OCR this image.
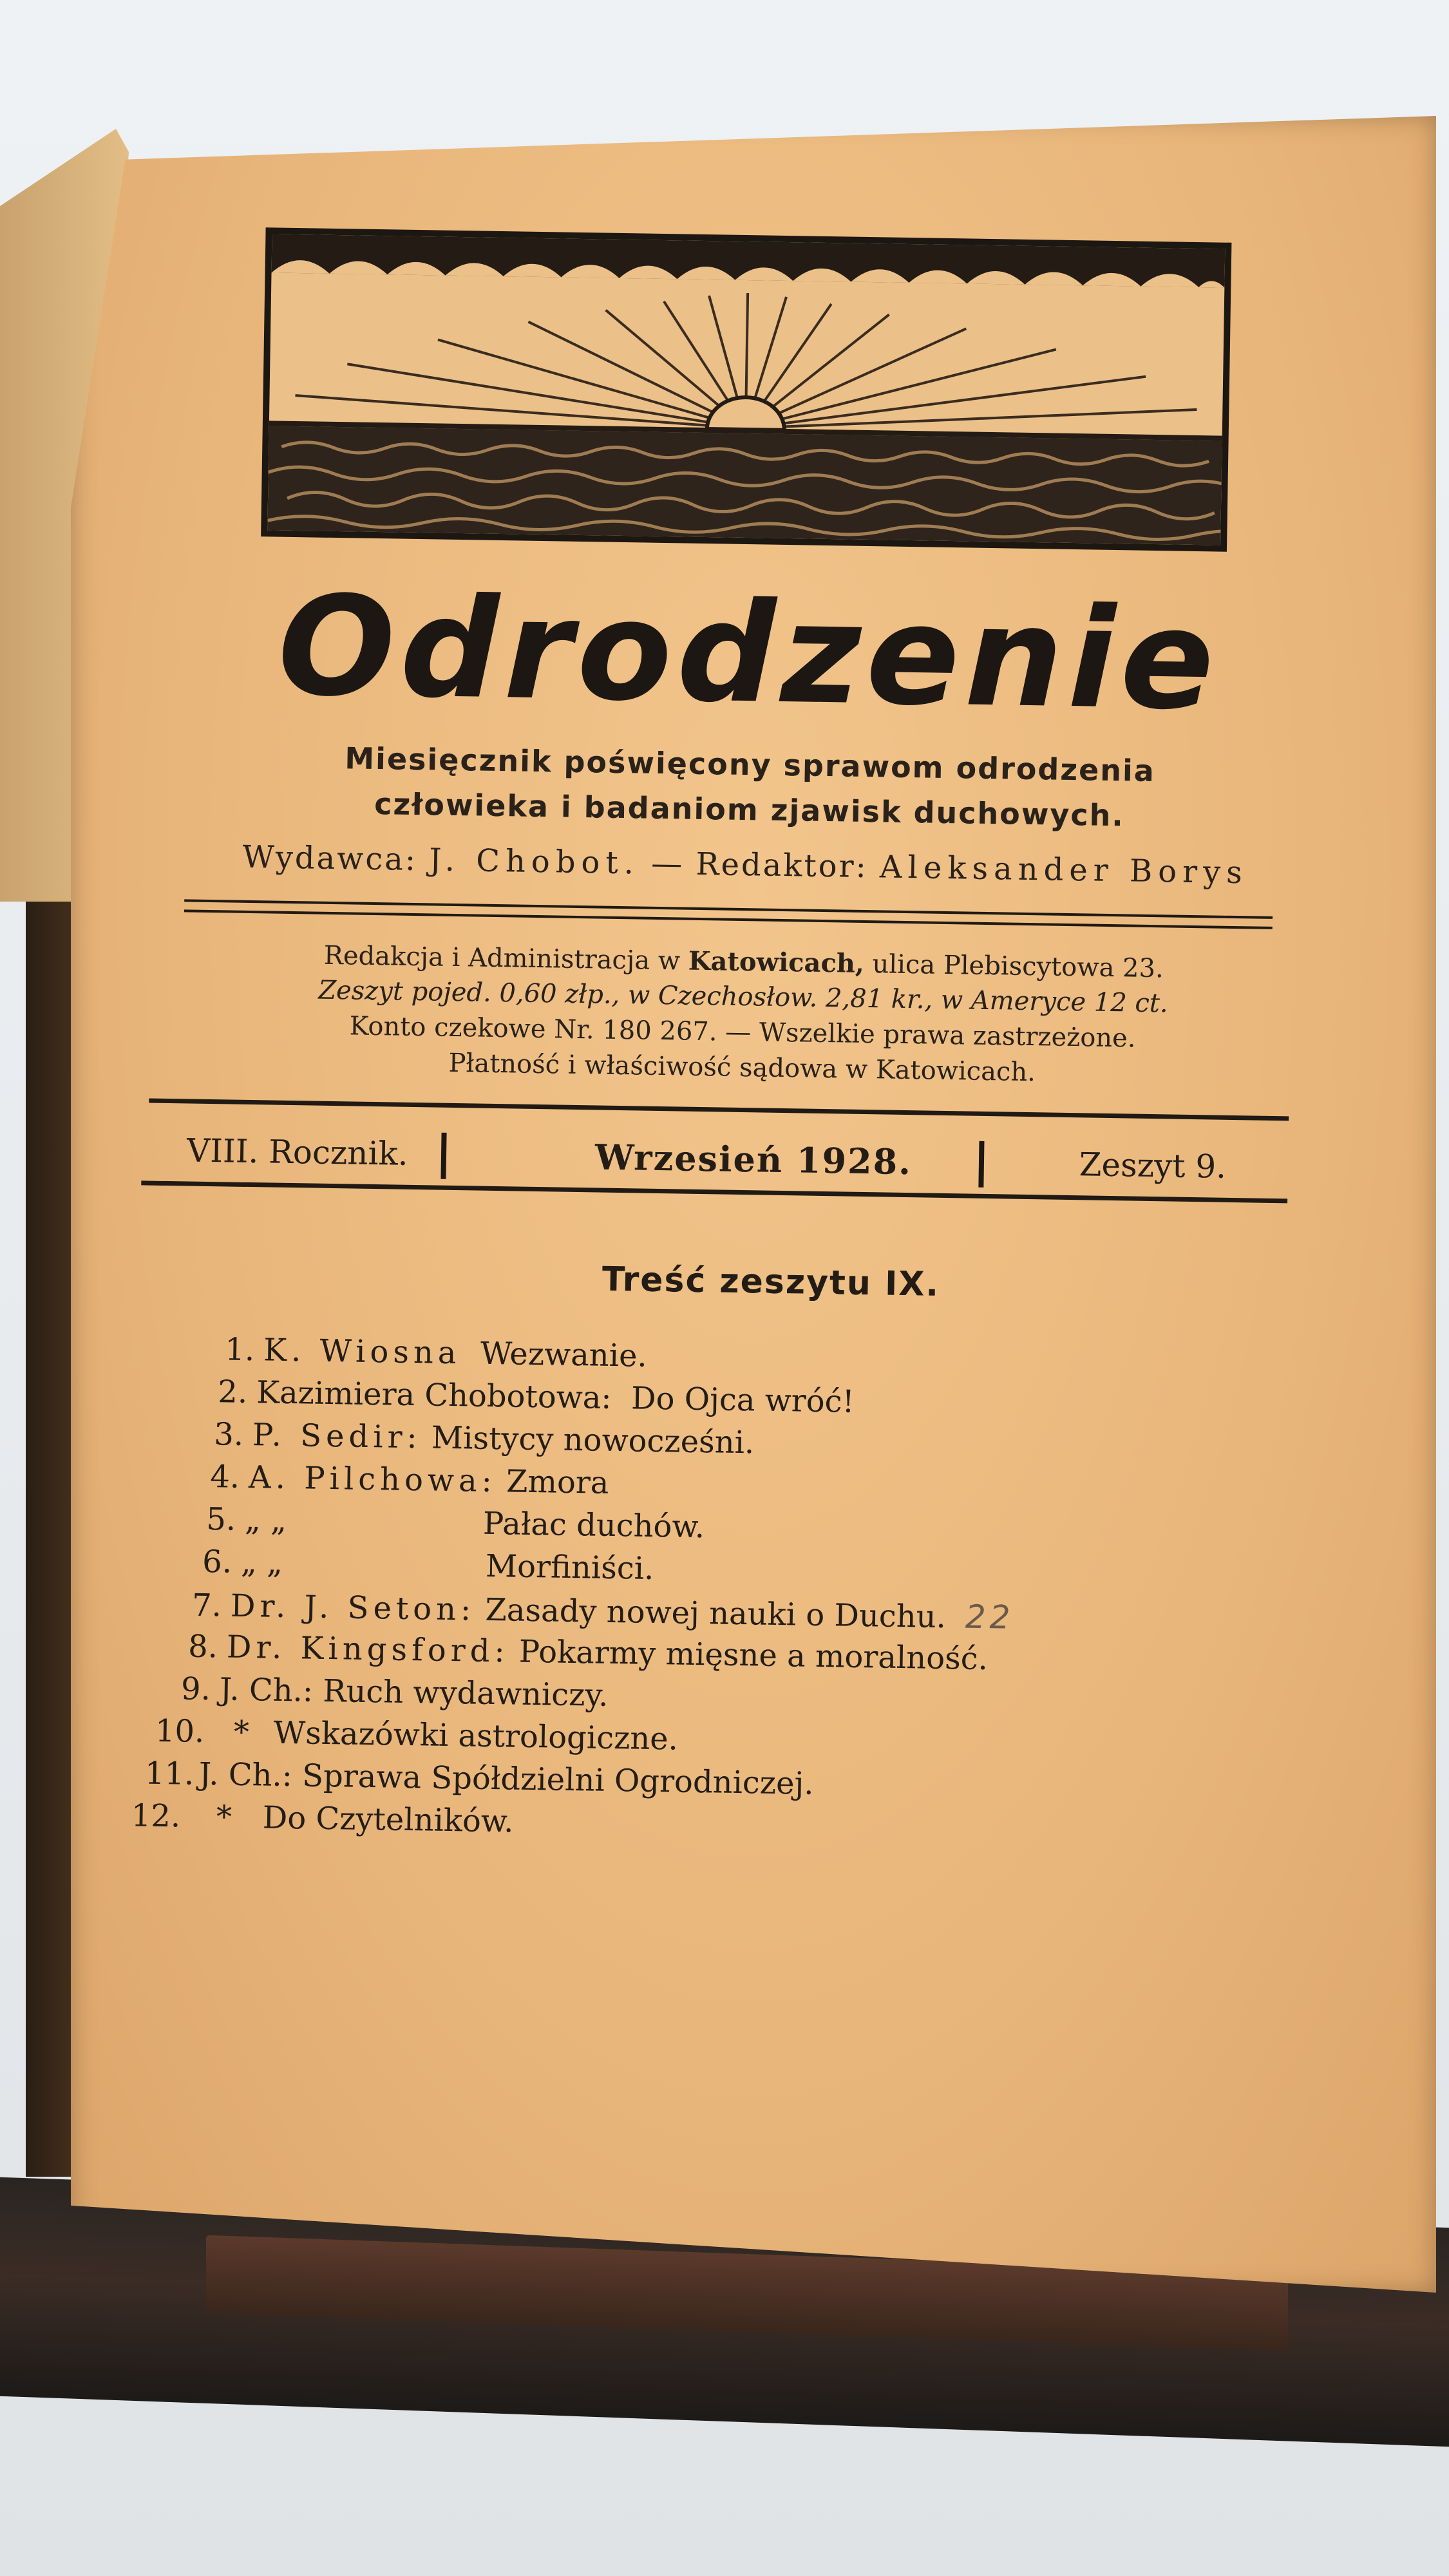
Odrodzenie
Miesięcznik poświęcony sprawom odrodzenia
człowieka i badaniom zjawisk duchowych.
Wydawca: J. Chobot. — Redaktor: Aleksander Borys
Redakcja i Administracja w Katowicach, ulica Plebiscytowa 23.
Zeszyt pojed. 0,60 złp., w Czechosłow. 2,81 kr., w Ameryce 12 ct.
Konto czekowe Nr. 180 267. — Wszelkie prawa zastrzeżone.
Płatność i właściwość sądowa w Katowicach.
VIII. Rocznik.	Wrzesień 1928.	Zeszyt 9.
Treść zeszytu IX.
1. K. Wiosna Wezwanie.
2. Kazimiera Chobotowa: Do Ojca wróć!
3. P. Sedir: Mistycy nowocześni.
4. A. Pilchowa: Zmora
5. „ „	Pałac duchów.
6. „ „	Morfiniści.
7. Dr. J. Seton: Zasady nowej nauki o Duchu. 22
8. Dr. Kingsford: Pokarmy mięsne a moralność.
9. J. Ch.: Ruch wydawniczy.
10. * Wskazówki astrologiczne.
11. J. Ch.: Sprawa Spółdzielni Ogrodniczej.
12. * Do Czytelników.
